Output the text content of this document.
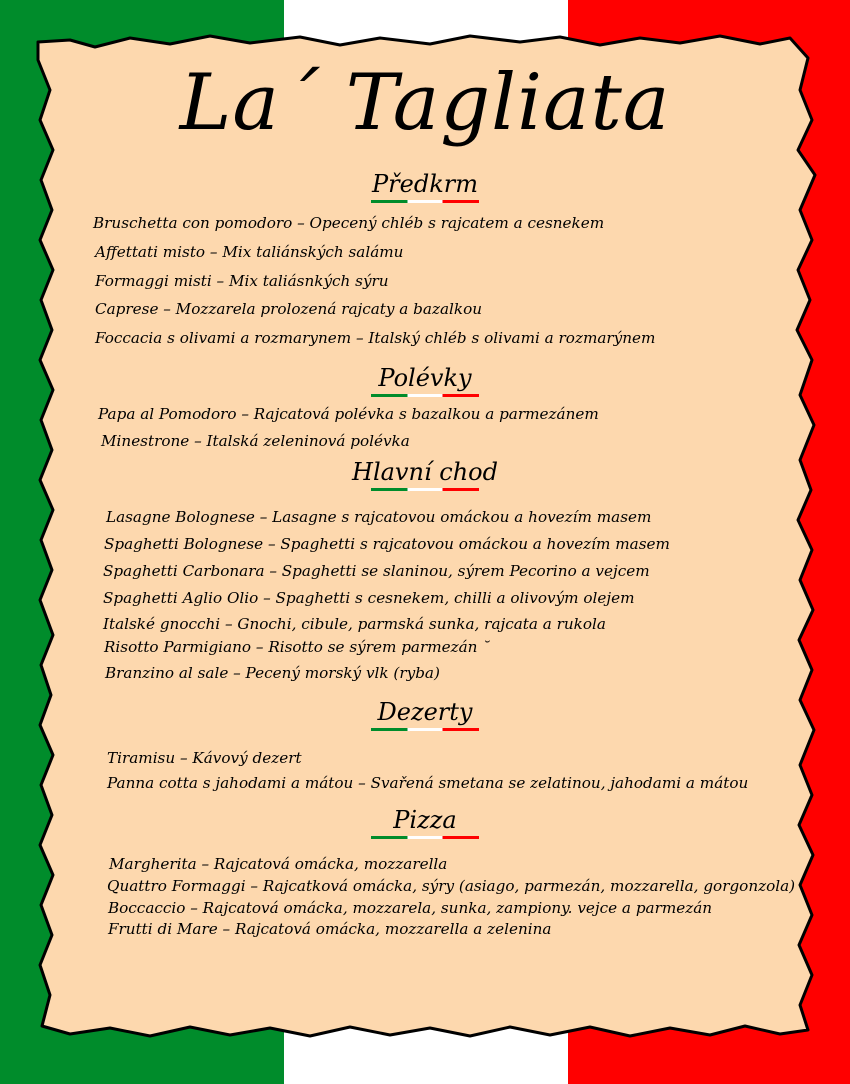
La´ Tagliata
Předkrm
Bruschetta con pomodoro – Opecený chléb s rajcatem a cesnekem
Affettati misto – Mix taliánských salámu
Formaggi misti – Mix taliásnkých sýru
Caprese – Mozzarela prolozená rajcaty a bazalkou
Foccacia s olivami a rozmarynem – Italský chléb s olivami a rozmarýnem
Polévky
Papa al Pomodoro – Rajcatová polévka s bazalkou a parmezánem
Minestrone – Italská zeleninová polévka
Hlavní chod
Lasagne Bolognese – Lasagne s rajcatovou omáckou a hovezím masem
Spaghetti Bolognese – Spaghetti s rajcatovou omáckou a hovezím masem
Spaghetti Carbonara – Spaghetti se slaninou, sýrem Pecorino a vejcem
Spaghetti Aglio Olio – Spaghetti s cesnekem, chilli a olivovým olejem
Italské gnocchi – Gnochi, cibule, parmská sunka, rajcata a rukola
Risotto Parmigiano – Risotto se sýrem parmezán ˘
Branzino al sale – Pecený morský vlk (ryba)
Dezerty
Tiramisu – Kávový dezert
Panna cotta s jahodami a mátou – Svařená smetana se zelatinou, jahodami a mátou
Pizza
Margherita – Rajcatová omácka, mozzarella
Quattro Formaggi – Rajcatková omácka, sýry (asiago, parmezán, mozzarella, gorgonzola)
Boccaccio – Rajcatová omácka, mozzarela, sunka, zampiony. vejce a parmezán
Frutti di Mare – Rajcatová omácka, mozzarella a zelenina
